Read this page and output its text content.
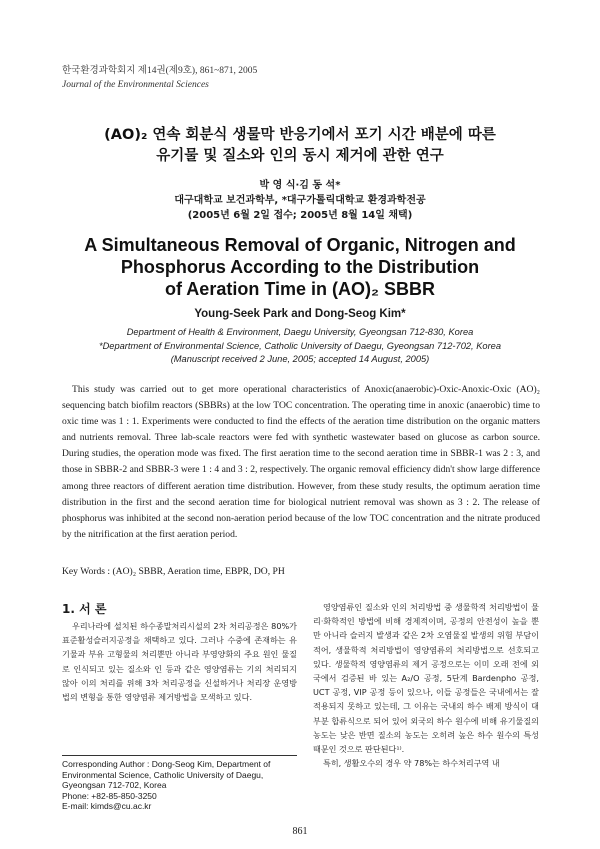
한국환경과학회지 제14권(제9호), 861~871, 2005
Journal of the Environmental Sciences
(AO)₂ 연속 회분식 생물막 반응기에서 포기 시간 배분에 따른
유기물 및 질소와 인의 동시 제거에 관한 연구
박 영 식·김 동 석*
대구대학교 보건과학부, *대구가톨릭대학교 환경과학전공
(2005년 6월 2일 접수; 2005년 8월 14일 채택)
A Simultaneous Removal of Organic, Nitrogen and
Phosphorus According to the Distribution
of Aeration Time in (AO)₂ SBBR
Young-Seek Park and Dong-Seog Kim*
Department of Health & Environment, Daegu University, Gyeongsan 712-830, Korea
*Department of Environmental Science, Catholic University of Daegu, Gyeongsan 712-702, Korea
(Manuscript received 2 June, 2005; accepted 14 August, 2005)

This study was carried out to get more operational characteristics of Anoxic(anaerobic)-Oxic-Anoxic-Oxic (AO)₂ sequencing batch biofilm reactors (SBBRs) at the low TOC concentration. The operating time in anoxic (anaerobic) time to oxic time was 1 : 1. Experiments were conducted to find the effects of the aeration time distribution on the organic matters and nutrients removal. Three lab-scale reactors were fed with synthetic wastewater based on glucose as carbon source. During studies, the operation mode was fixed. The first aeration time to the second aeration time in SBBR-1 was 2 : 3, and those in SBBR-2 and SBBR-3 were 1 : 4 and 3 : 2, respectively. The organic removal efficiency didn't show large difference among three reactors of different aeration time distribution. However, from these study results, the optimum aeration time distribution in the first and the second aeration time for biological nutrient removal was shown as 3 : 2. The release of phosphorus was inhibited at the second non-aeration period because of the low TOC concentration and the nitrate produced by the nitrification at the first aeration period.

Key Words : (AO)₂ SBBR, Aeration time, EBPR, DO, PH
1. 서 론

우리나라에 설치된 하수종말처리시설의 2차 처리공정은 80%가 표준활성슬러지공정을 채택하고 있다. 그러나 수중에 존재하는 유기물과 부유 고형물의 처리뿐만 아니라 부영양화의 주요 원인 물질로 인식되고 있는 질소와 인 등과 같은 영양염류는 기의 처리되지 않아 이의 처리를 위해 3차 처리공정을 신설하거나 처리장 운영방법의 변형을 통한 영양염류 제거방법을 모색하고 있다.

영양염류인 질소와 인의 처리방법 중 생물학적 처리방법이 물리·화학적인 방법에 비해 경제적이며, 공정의 안전성이 높을 뿐만 아니라 슬러지 발생과 같은 2차 오염물질 발생의 위험 부담이 적어, 생물학적 처리방법이 영양염류의 처리방법으로 선호되고 있다. 생물학적 영양염류의 제거 공정으로는 이미 오래 전에 외국에서 검증된 바 있는 A₂/O 공정, 5단계 Bardenpho 공정, UCT 공정, VIP 공정 등이 있으나, 이들 공정들은 국내에서는 잘 적용되지 못하고 있는데, 그 이유는 국내의 하수 배제 방식이 대부분 합류식으로 되어 있어 외국의 하수 원수에 비해 유기물질의 농도는 낮은 반면 질소의 농도는 오히려 높은 하수 원수의 특성 때문인 것으로 판단된다¹⁾.

특히, 생활오수의 경우 약 78%는 하수처리구역 내

Corresponding Author : Dong-Seog Kim, Department of Environmental Science, Catholic University of Daegu, Gyeongsan 712-702, Korea
Phone: +82-85-850-3250
E-mail: kimds@cu.ac.kr
861
